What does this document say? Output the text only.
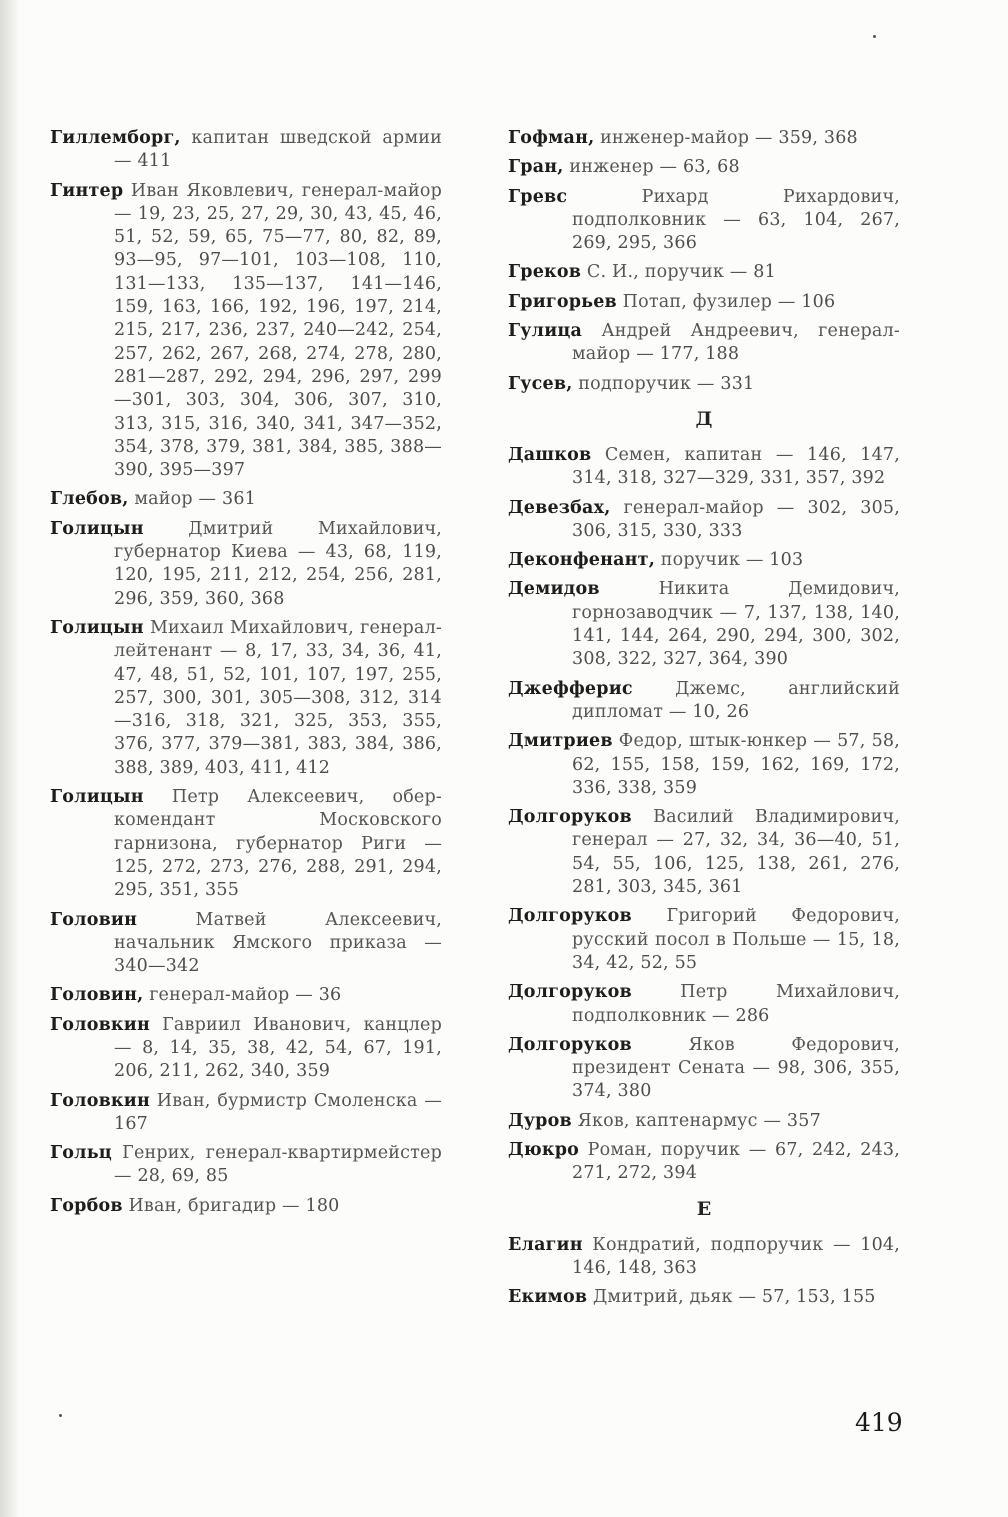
Гиллемборг, капитан шведской армии — 411

Гинтер Иван Яковлевич, генерал-майор — 19, 23, 25, 27, 29, 30, 43, 45, 46, 51, 52, 59, 65, 75—77, 80, 82, 89, 93—95, 97—101, 103—108, 110, 131—133, 135—137, 141—146, 159, 163, 166, 192, 196, 197, 214, 215, 217, 236, 237, 240—242, 254, 257, 262, 267, 268, 274, 278, 280, 281—287, 292, 294, 296, 297, 299—301, 303, 304, 306, 307, 310, 313, 315, 316, 340, 341, 347—352, 354, 378, 379, 381, 384, 385, 388—390, 395—397

Глебов, майор — 361

Голицын	Дмитрий Михайлович, губернатор Киева — 43, 68, 119, 120, 195, 211, 212, 254, 256, 281, 296, 359, 360, 368

Голицын Михаил Михайлович, генерал-лейтенант — 8, 17, 33, 34, 36, 41, 47, 48, 51, 52, 101, 107, 197, 255, 257, 300, 301, 305—308, 312, 314—316, 318, 321, 325, 353, 355, 376, 377, 379—381, 383, 384, 386, 388, 389, 403, 411, 412

Голицын Петр Алексеевич, обер-комендант Московского гарнизона, губернатор Риги — 125, 272, 273, 276, 288, 291, 294, 295, 351, 355

Головин	Матвей Алексеевич, начальник Ямского приказа — 340—342

Головин, генерал-майор — 36

Головкин Гавриил Иванович, канцлер — 8, 14, 35, 38, 42, 54, 67, 191, 206, 211, 262, 340, 359

Головкин Иван, бурмистр Смоленска — 167

Гольц Генрих, генерал-квартирмейстер — 28, 69, 85

Горбов Иван, бригадир — 180

Гофман, инженер-майор — 359, 368

Гран, инженер — 63, 68

Гревс	Рихард Рихардович, подполковник — 63, 104, 267, 269, 295, 366

Греков С. И., поручик — 81

Григорьев Потап, фузилер — 106

Гулица Андрей Андреевич, генерал-майор — 177, 188

Гусев, подпоручик — 331

Д

Дашков Семен, капитан — 146, 147, 314, 318, 327—329, 331, 357, 392

Девезбах, генерал-майор — 302, 305, 306, 315, 330, 333

Деконфенант, поручик — 103

Демидов	Никита Демидович, горнозаводчик — 7, 137, 138, 140, 141, 144, 264, 290, 294, 300, 302, 308, 322, 327, 364, 390

Джефферис Джемс, английский дипломат — 10, 26

Дмитриев Федор, штык-юнкер — 57, 58, 62, 155, 158, 159, 162, 169, 172, 336, 338, 359

Долгоруков Василий Владимирович, генерал — 27, 32, 34, 36—40, 51, 54, 55, 106, 125, 138, 261, 276, 281, 303, 345, 361

Долгоруков Григорий Федорович, русский посол в Польше — 15, 18, 34, 42, 52, 55

Долгоруков	Петр Михайлович, подполковник — 286

Долгоруков	Яков Федорович, президент Сената — 98, 306, 355, 374, 380

Дуров Яков, каптенармус — 357

Дюкро Роман, поручик — 67, 242, 243, 271, 272, 394

Е

Елагин Кондратий, подпоручик — 104, 146, 148, 363

Екимов Дмитрий, дьяк — 57, 153, 155

419
